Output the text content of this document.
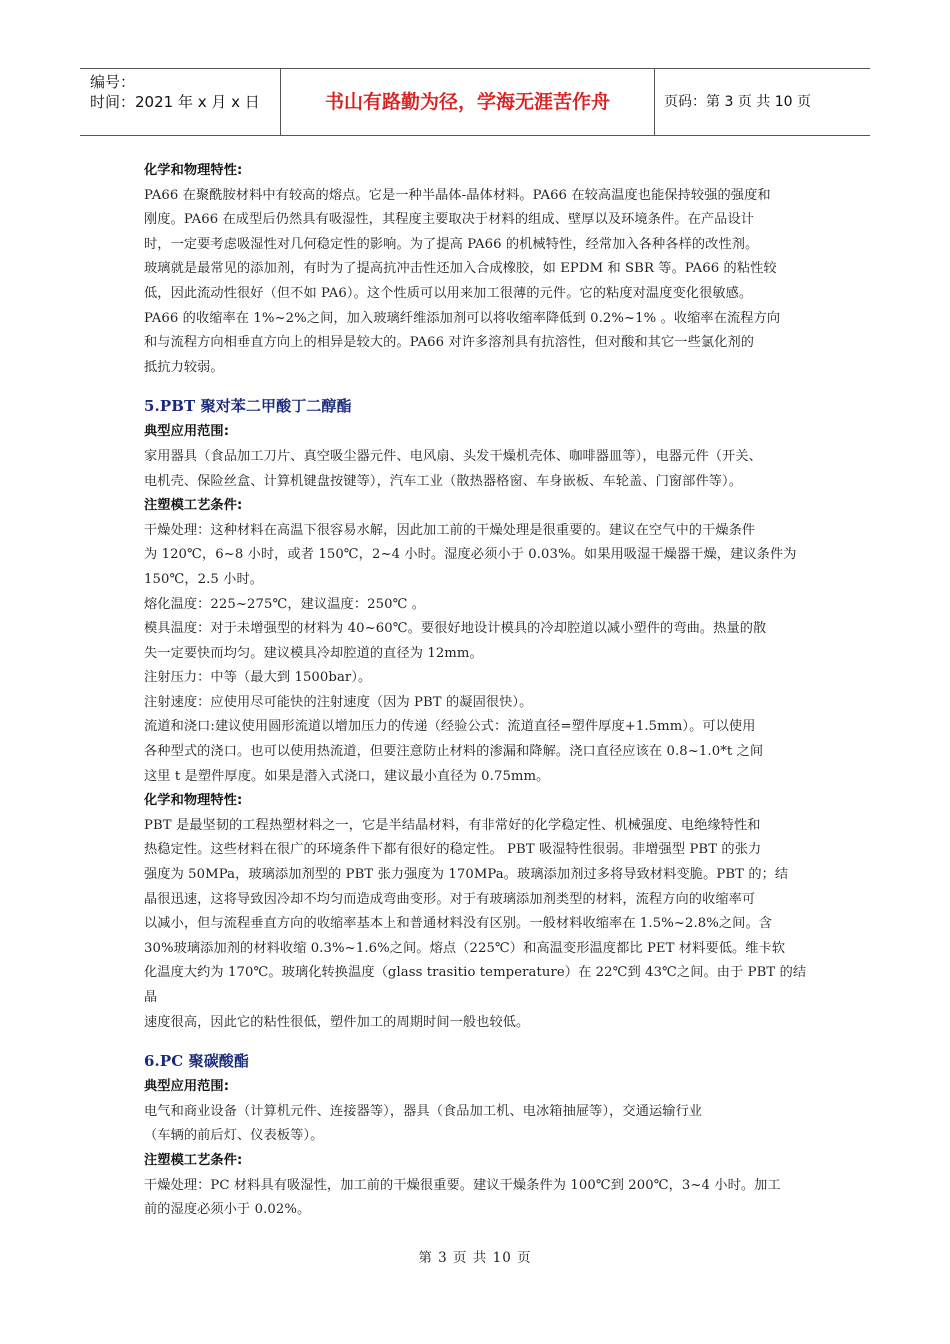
编号：
时间：2021 年 x 月 x 日	书山有路勤为径，学海无涯苦作舟	页码：第 3 页 共 10 页

化学和物理特性:

PA66 在聚酰胺材料中有较高的熔点。它是一种半晶体-晶体材料。PA66 在较高温度也能保持较强的强度和

刚度。PA66 在成型后仍然具有吸湿性，其程度主要取决于材料的组成、壁厚以及环境条件。在产品设计

时，一定要考虑吸湿性对几何稳定性的影响。为了提高 PA66 的机械特性，经常加入各种各样的改性剂。

玻璃就是最常见的添加剂，有时为了提高抗冲击性还加入合成橡胶，如 EPDM 和 SBR 等。PA66 的粘性较

低，因此流动性很好（但不如 PA6）。这个性质可以用来加工很薄的元件。它的粘度对温度变化很敏感。

PA66 的收缩率在 1%~2%之间，加入玻璃纤维添加剂可以将收缩率降低到 0.2%~1% 。收缩率在流程方向

和与流程方向相垂直方向上的相异是较大的。PA66 对许多溶剂具有抗溶性，但对酸和其它一些氯化剂的

抵抗力较弱。

5.PBT 聚对苯二甲酸丁二醇酯

典型应用范围:

家用器具（食品加工刀片、真空吸尘器元件、电风扇、头发干燥机壳体、咖啡器皿等），电器元件（开关、

电机壳、保险丝盒、计算机键盘按键等），汽车工业（散热器格窗、车身嵌板、车轮盖、门窗部件等）。

注塑模工艺条件:

干燥处理：这种材料在高温下很容易水解，因此加工前的干燥处理是很重要的。建议在空气中的干燥条件

为 120℃，6~8 小时，或者 150℃，2~4 小时。湿度必须小于 0.03%。如果用吸湿干燥器干燥，建议条件为

150℃，2.5 小时。

熔化温度：225~275℃，建议温度：250℃ 。

模具温度：对于未增强型的材料为 40~60℃。要很好地设计模具的冷却腔道以减小塑件的弯曲。热量的散

失一定要快而均匀。建议模具冷却腔道的直径为 12mm。

注射压力：中等（最大到 1500bar）。

注射速度：应使用尽可能快的注射速度（因为 PBT 的凝固很快）。

流道和浇口:建议使用圆形流道以增加压力的传递（经验公式：流道直径=塑件厚度+1.5mm）。可以使用

各种型式的浇口。也可以使用热流道，但要注意防止材料的渗漏和降解。浇口直径应该在 0.8~1.0*t 之间

这里 t 是塑件厚度。如果是潜入式浇口，建议最小直径为 0.75mm。

化学和物理特性:

PBT 是最坚韧的工程热塑材料之一，它是半结晶材料，有非常好的化学稳定性、机械强度、电绝缘特性和

热稳定性。这些材料在很广的环境条件下都有很好的稳定性。 PBT 吸湿特性很弱。非增强型 PBT 的张力

强度为 50MPa，玻璃添加剂型的 PBT 张力强度为 170MPa。玻璃添加剂过多将导致材料变脆。PBT 的；结

晶很迅速，这将导致因冷却不均匀而造成弯曲变形。对于有玻璃添加剂类型的材料，流程方向的收缩率可

以减小，但与流程垂直方向的收缩率基本上和普通材料没有区别。一般材料收缩率在 1.5%~2.8%之间。含

30%玻璃添加剂的材料收缩 0.3%~1.6%之间。熔点（225℃）和高温变形温度都比 PET 材料要低。维卡软

化温度大约为 170℃。玻璃化转换温度（glass trasitio temperature）在 22℃到 43℃之间。由于 PBT 的结晶

速度很高，因此它的粘性很低，塑件加工的周期时间一般也较低。

6.PC 聚碳酸酯

典型应用范围:

电气和商业设备（计算机元件、连接器等），器具（食品加工机、电冰箱抽屉等），交通运输行业

（车辆的前后灯、仪表板等）。

注塑模工艺条件:

干燥处理：PC 材料具有吸湿性，加工前的干燥很重要。建议干燥条件为 100℃到 200℃，3~4 小时。加工

前的湿度必须小于 0.02%。

第 3 页 共 10 页
